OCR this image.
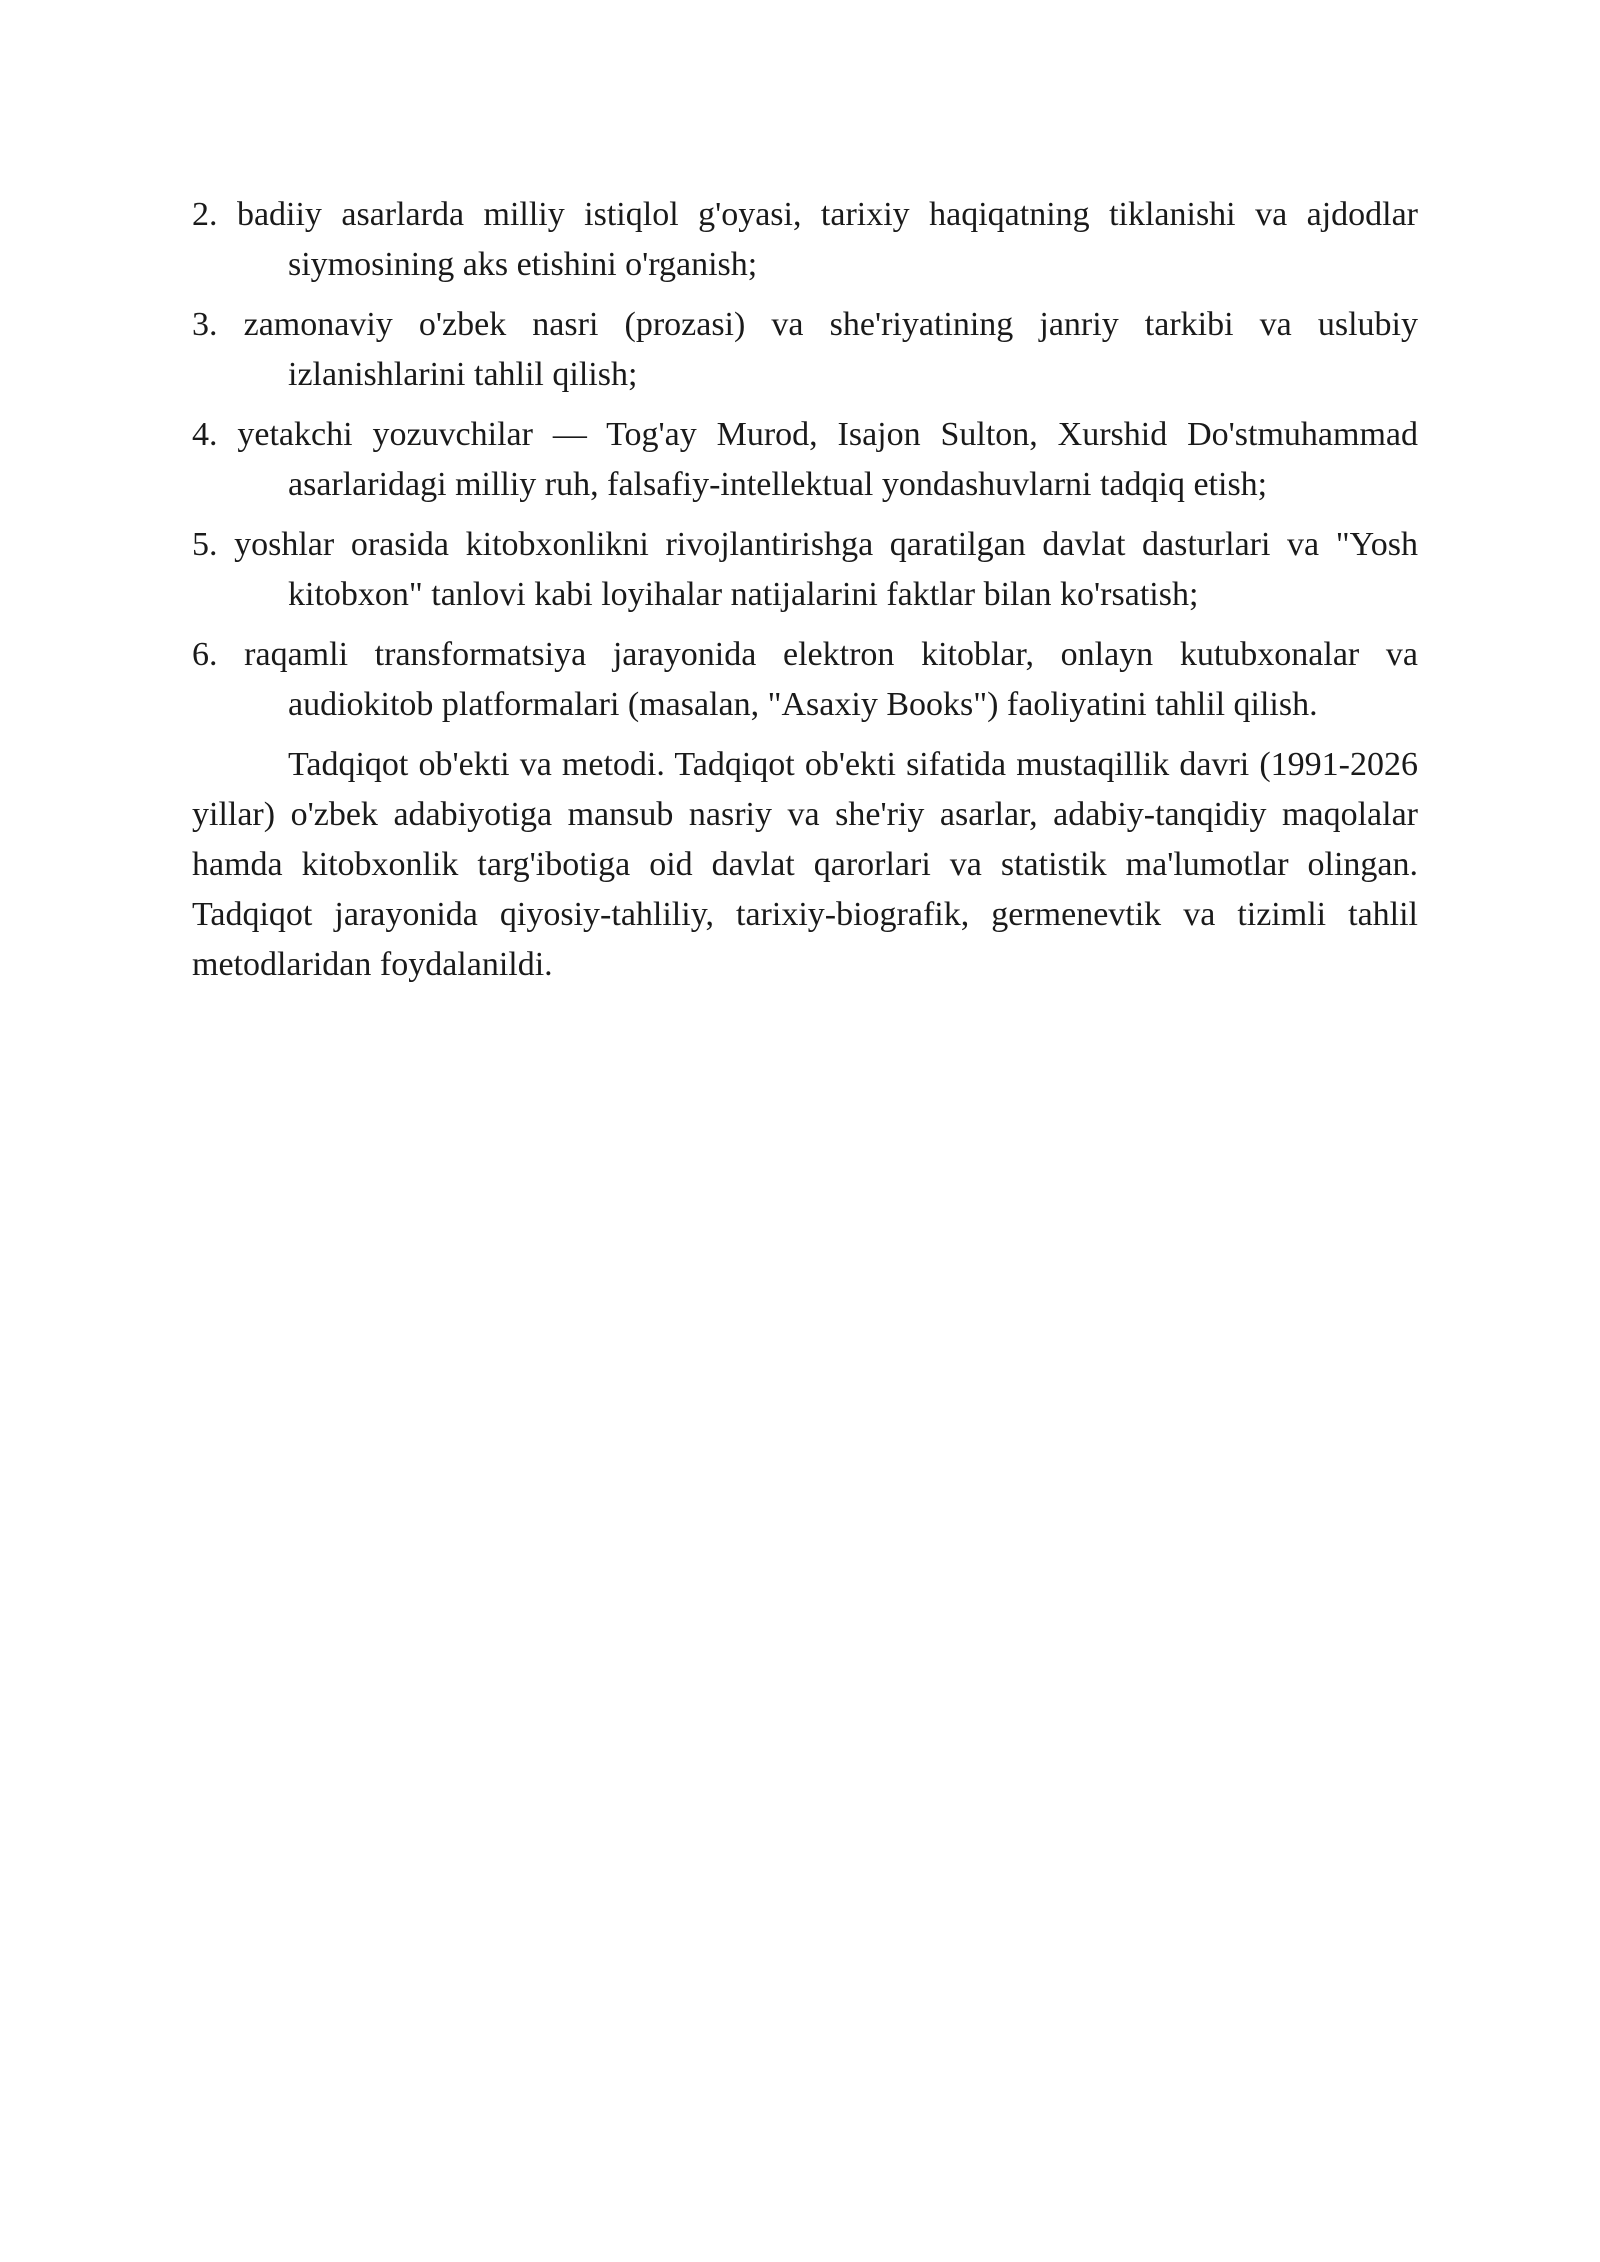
2. badiiy asarlarda milliy istiqlol g'oyasi, tarixiy haqiqatning tiklanishi va ajdodlar siymosining aks etishini o'rganish;

3. zamonaviy o'zbek nasri (prozasi) va she'riyatining janriy tarkibi va uslubiy izlanishlarini tahlil qilish;

4. yetakchi yozuvchilar — Tog'ay Murod, Isajon Sulton, Xurshid Do'stmuhammad asarlaridagi milliy ruh, falsafiy-intellektual yondashuvlarni tadqiq etish;

5. yoshlar orasida kitobxonlikni rivojlantirishga qaratilgan davlat dasturlari va "Yosh kitobxon" tanlovi kabi loyihalar natijalarini faktlar bilan ko'rsatish;

6. raqamli transformatsiya jarayonida elektron kitoblar, onlayn kutubxonalar va audiokitob platformalari (masalan, "Asaxiy Books") faoliyatini tahlil qilish.

Tadqiqot ob'ekti va metodi. Tadqiqot ob'ekti sifatida mustaqillik davri (1991-2026 yillar) o'zbek adabiyotiga mansub nasriy va she'riy asarlar, adabiy-tanqidiy maqolalar hamda kitobxonlik targ'ibotiga oid davlat qarorlari va statistik ma'lumotlar olingan. Tadqiqot jarayonida qiyosiy-tahliliy, tarixiy-biografik, germenevtik va tizimli tahlil metodlaridan foydalanildi.
